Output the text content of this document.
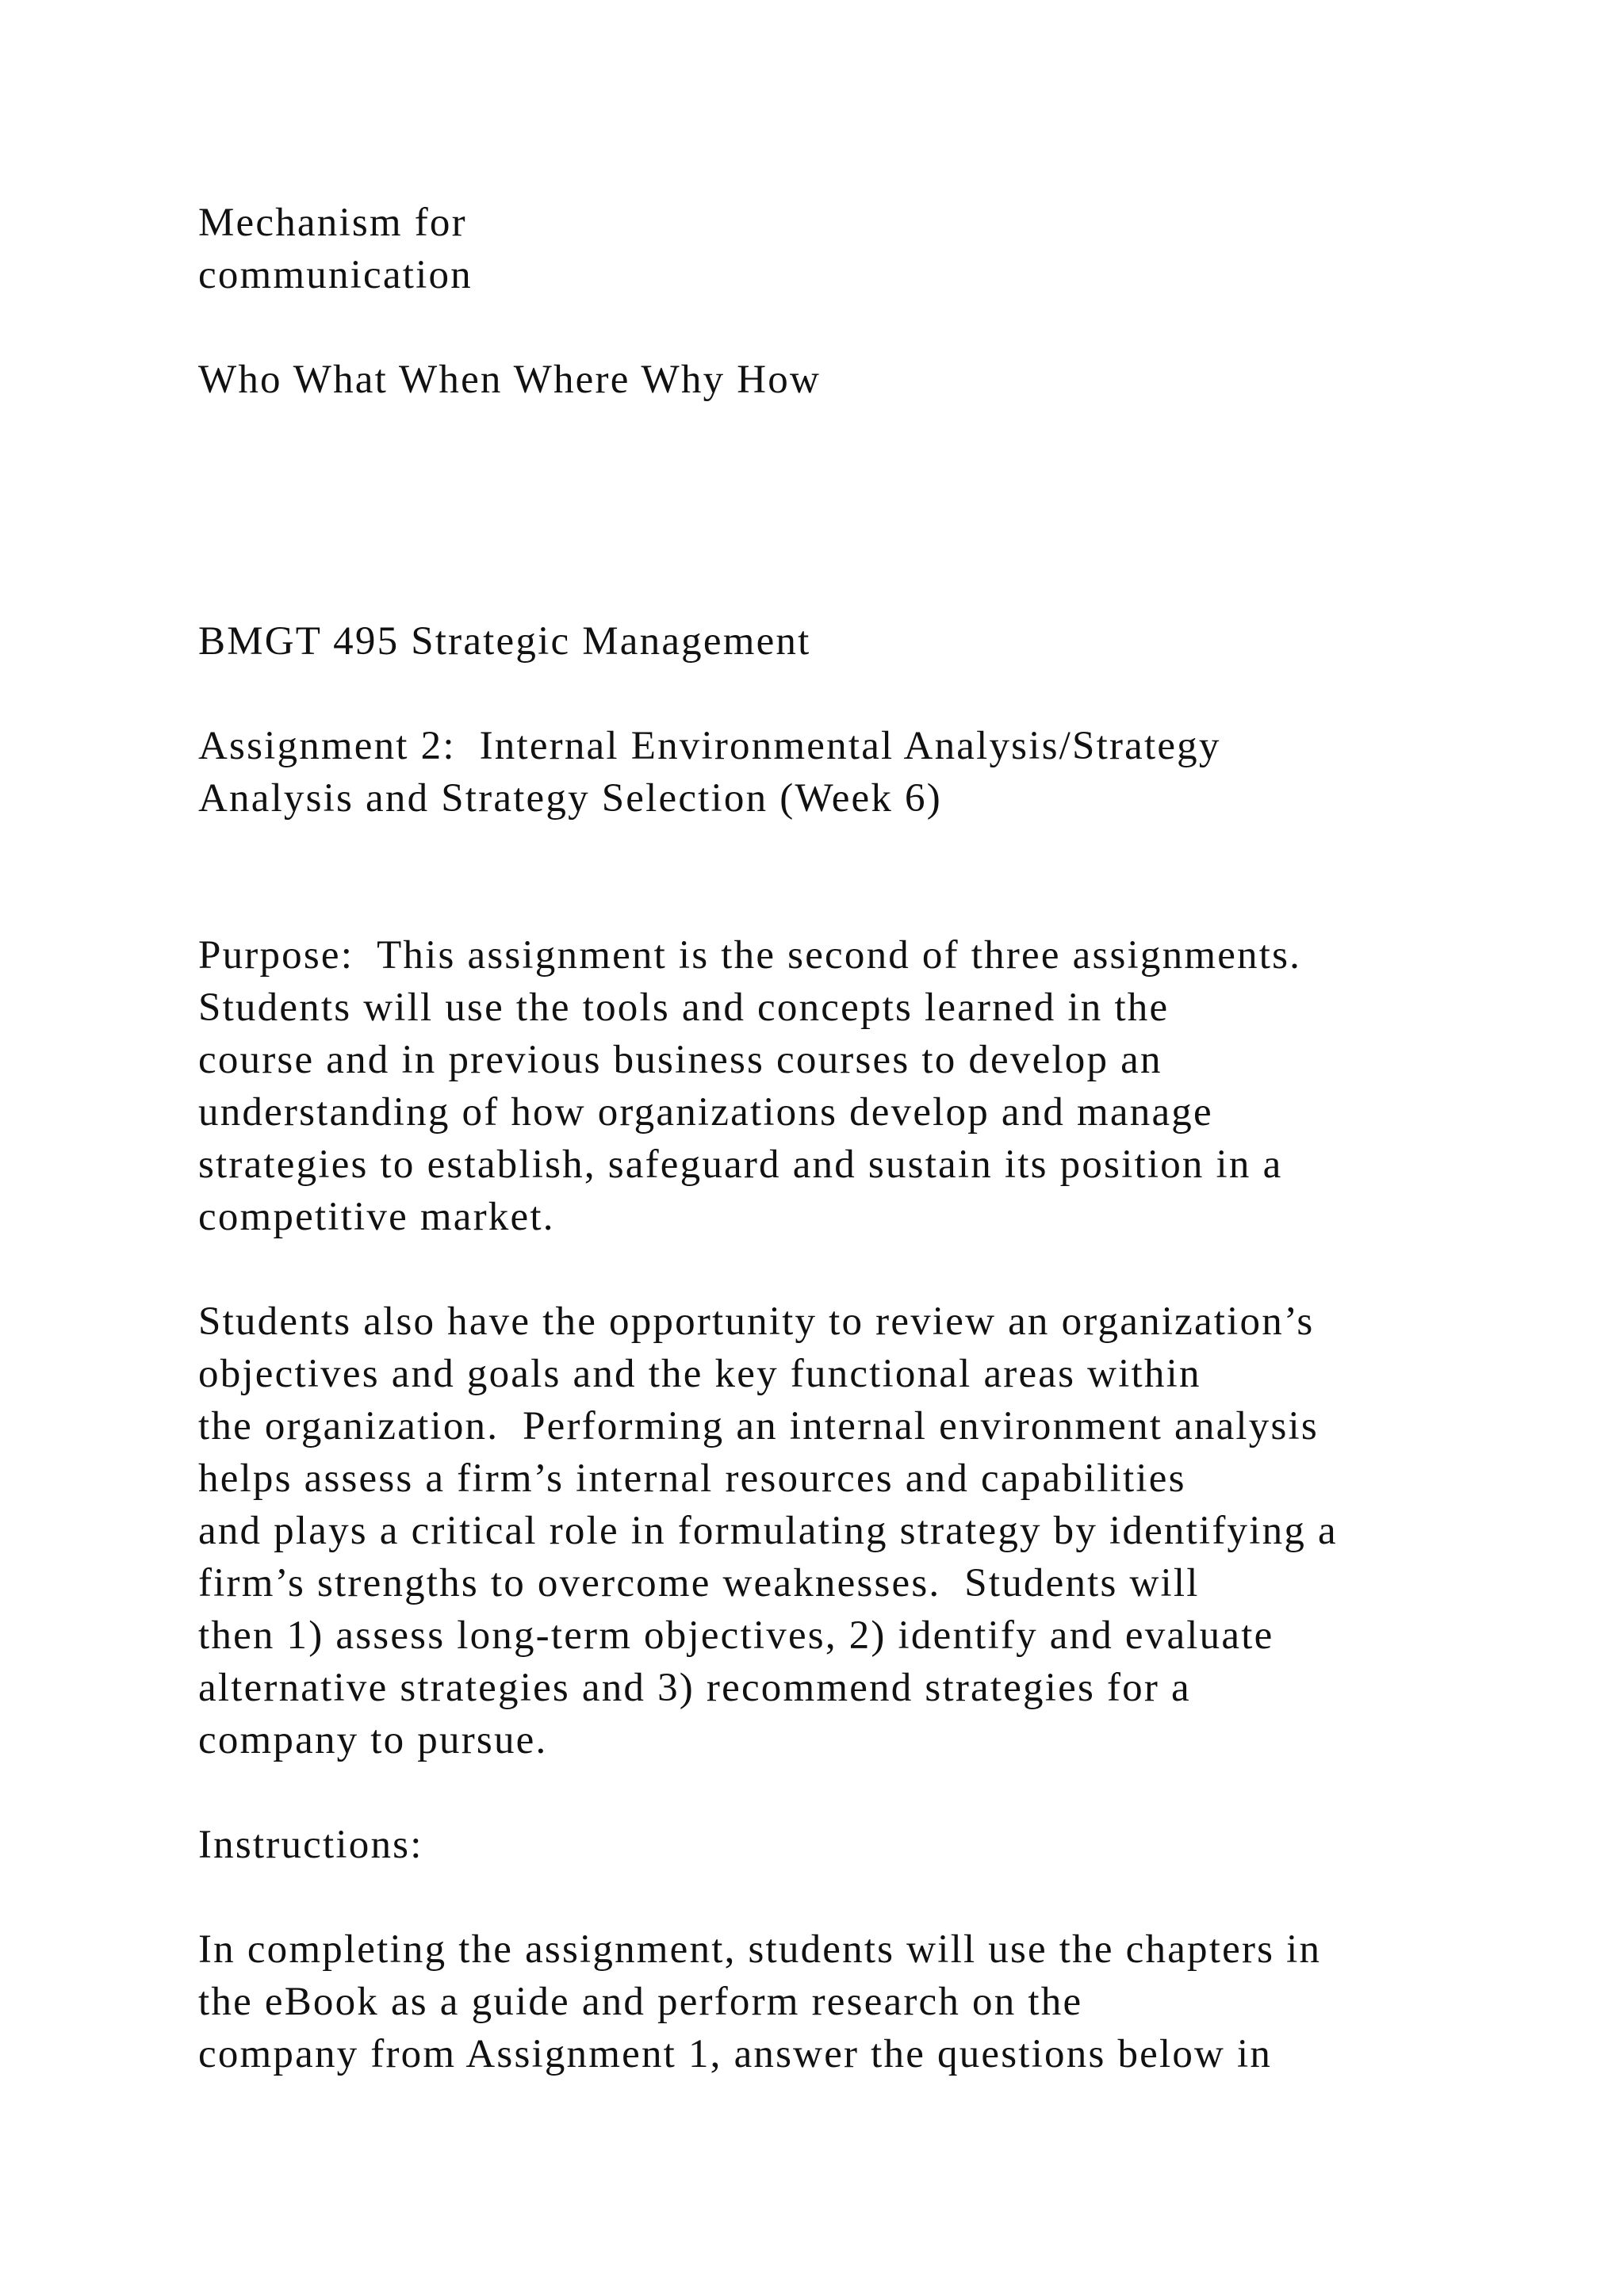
Mechanism for
communication
Who What When Where Why How
BMGT 495 Strategic Management
Assignment 2:  Internal Environmental Analysis/Strategy
Analysis and Strategy Selection (Week 6)
Purpose:  This assignment is the second of three assignments.
Students will use the tools and concepts learned in the
course and in previous business courses to develop an
understanding of how organizations develop and manage
strategies to establish, safeguard and sustain its position in a
competitive market.
Students also have the opportunity to review an organization’s
objectives and goals and the key functional areas within
the organization.  Performing an internal environment analysis
helps assess a firm’s internal resources and capabilities
and plays a critical role in formulating strategy by identifying a
firm’s strengths to overcome weaknesses.  Students will
then 1) assess long-term objectives, 2) identify and evaluate
alternative strategies and 3) recommend strategies for a
company to pursue.
Instructions:
In completing the assignment, students will use the chapters in
the eBook as a guide and perform research on the
company from Assignment 1, answer the questions below in
